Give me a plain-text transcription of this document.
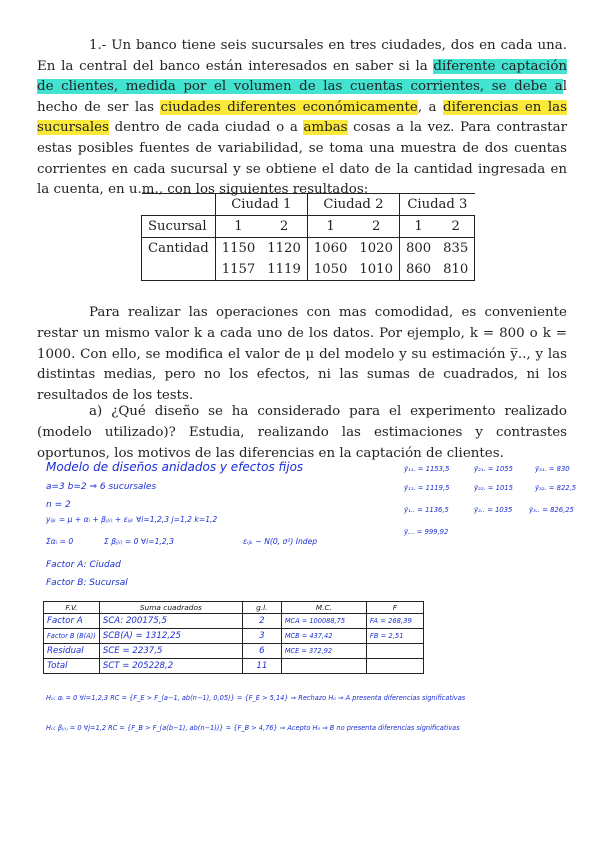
1.- Un banco tiene seis sucursales en tres ciudades, dos en cada una. En la central del banco están interesados en saber si la diferente captación de clientes, medida por el volumen de las cuentas corrientes, se debe al hecho de ser las ciudades diferentes económicamente, a diferencias en las sucursales dentro de cada ciudad o a ambas cosas a la vez. Para contrastar estas posibles fuentes de variabilidad, se toma una muestra de dos cuentas corrientes en cada sucursal y se obtiene el dato de la cantidad ingresada en la cuenta, en u.m., con los siguientes resultados:

	Ciudad 1		Ciudad 2		Ciudad 3	
Sucursal	1	2	1	2	1	2
Cantidad	1150	1120	1060	1020	800	835
	1157	1119	1050	1010	860	810

Para realizar las operaciones con mas comodidad, es conveniente restar un mismo valor k a cada uno de los datos. Por ejemplo, k = 800 o k = 1000. Con ello, se modifica el valor de μ del modelo y su estimación y̅.., y las distintas medias, pero no los efectos, ni las sumas de cuadrados, ni los resultados de los tests.

a) ¿Qué diseño se ha considerado para el experimento realizado (modelo utilizado)? Estudia, realizando las estimaciones y contrastes oportunos, los motivos de las diferencias en la captación de clientes.

Modelo de diseños anidados y efectos fijos
a=3 b=2 ⇒ 6 sucursales
n = 2
yᵢⱼₖ = μ + αᵢ + βⱼ₍ᵢ₎ + εᵢⱼₖ ∀i=1,2,3 j=1,2 k=1,2
Σαᵢ = 0	Σ βⱼ₍ᵢ₎ = 0 ∀i=1,2,3	εᵢⱼₖ ~ N(0, σ²) Indep
Factor A: Ciudad
Factor B: Sucursal
ȳ₁₁. = 1153,5	ȳ₂₁. = 1055	ȳ₃₁. = 830
ȳ₁₂. = 1119,5	ȳ₂₂. = 1015	ȳ₃₂. = 822,5
ȳ₁.. = 1136,5	ȳ₂.. = 1035 ȳ₃.. = 826,25
ȳ... = 999,92
F.V.	Suma cuadrados	g.l.	M.C.	F
Factor A	SCA: 200175,5	2	MCA = 100088,75	FA = 268,39
Factor B (B(A))	SCB(A) = 1312,25	3	MCB = 437,42	FB = 2,51
Residual	SCE = 2237,5	6	MCE = 372,92	
Total	SCT = 205228,2	11		
H₀: αᵢ = 0 ∀i=1,2,3 RC = {F_E > F_(a−1, ab(n−1), 0,05)} = {F_E > 5,14} ⇒ Rechazo H₀ ⇒ A presenta diferencias significativas
H₀: βⱼ₍ᵢ₎ = 0 ∀j=1,2 RC = {F_B > F_(a(b−1), ab(n−1))} = {F_B > 4,76} ⇒ Acepto H₀ ⇒ B no presenta diferencias significativas
